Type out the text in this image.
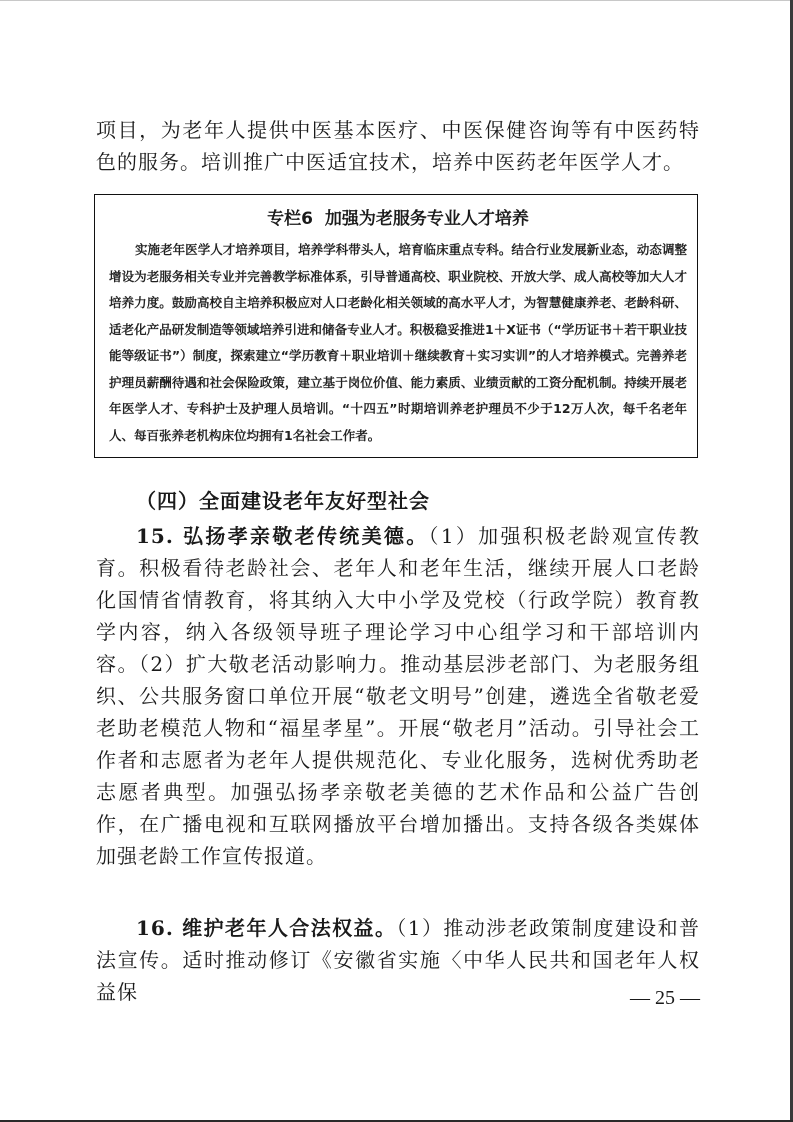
项目，为老年人提供中医基本医疗、中医保健咨询等有中医药特色的服务。培训推广中医适宜技术，培养中医药老年医学人才。

专栏6 加强为老服务专业人才培养

实施老年医学人才培养项目，培养学科带头人，培育临床重点专科。结合行业发展新业态，动态调整增设为老服务相关专业并完善教学标准体系，引导普通高校、职业院校、开放大学、成人高校等加大人才培养力度。鼓励高校自主培养积极应对人口老龄化相关领域的高水平人才，为智慧健康养老、老龄科研、适老化产品研发制造等领域培养引进和储备专业人才。积极稳妥推进1＋X证书（“学历证书＋若干职业技能等级证书”）制度，探索建立“学历教育＋职业培训＋继续教育＋实习实训”的人才培养模式。完善养老护理员薪酬待遇和社会保险政策，建立基于岗位价值、能力素质、业绩贡献的工资分配机制。持续开展老年医学人才、专科护士及护理人员培训。“十四五”时期培训养老护理员不少于12万人次，每千名老年人、每百张养老机构床位均拥有1名社会工作者。

（四）全面建设老年友好型社会

15. 弘扬孝亲敬老传统美德。（1）加强积极老龄观宣传教育。积极看待老龄社会、老年人和老年生活，继续开展人口老龄化国情省情教育，将其纳入大中小学及党校（行政学院）教育教学内容，纳入各级领导班子理论学习中心组学习和干部培训内容。（2）扩大敬老活动影响力。推动基层涉老部门、为老服务组织、公共服务窗口单位开展“敬老文明号”创建，遴选全省敬老爱老助老模范人物和“福星孝星”。开展“敬老月”活动。引导社会工作者和志愿者为老年人提供规范化、专业化服务，选树优秀助老志愿者典型。加强弘扬孝亲敬老美德的艺术作品和公益广告创作，在广播电视和互联网播放平台增加播出。支持各级各类媒体加强老龄工作宣传报道。

16. 维护老年人合法权益。（1）推动涉老政策制度建设和普法宣传。适时推动修订《安徽省实施〈中华人民共和国老年人权益保	— 25 —
